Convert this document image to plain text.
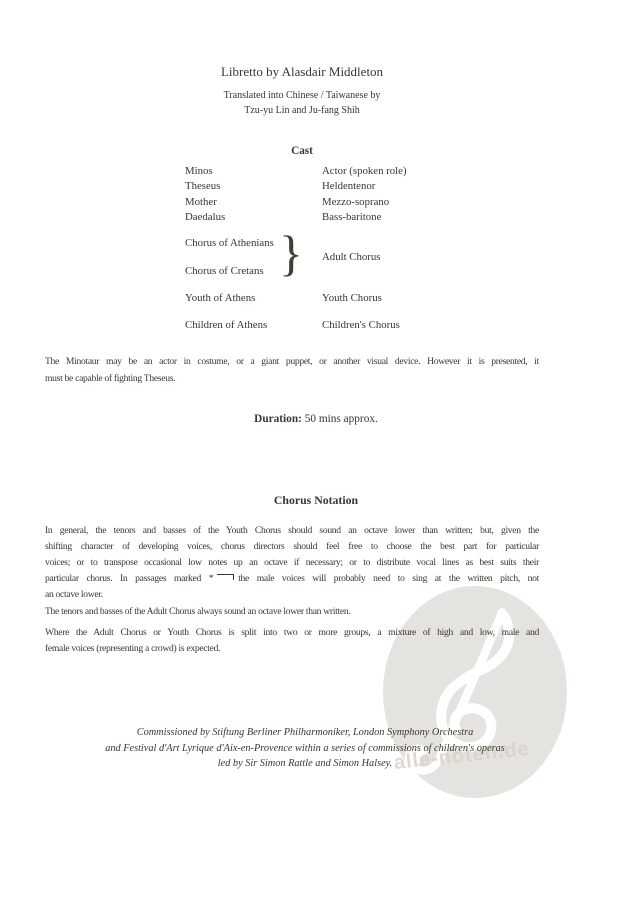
alle-noten.de
Libretto by Alasdair Middleton
Translated into Chinese / Taiwanese by
Tzu-yu Lin and Ju-fang Shih
Cast
Minos	Actor (spoken role)
Theseus	Heldentenor
Mother	Mezzo-soprano
Daedalus	Bass-baritone
Chorus of Athenians
Chorus of Cretans } Adult Chorus
Youth of Athens	Youth Chorus
Children of Athens	Children's Chorus
The Minotaur may be an actor in costume, or a giant puppet, or another visual device. However it is presented, it
must be capable of fighting Theseus.
Duration: 50 mins approx.
Chorus Notation
In general, the tenors and basses of the Youth Chorus should sound an octave lower than written; but, given the
shifting character of developing voices, chorus directors should feel free to choose the best part for particular
voices; or to transpose occasional low notes up an octave if necessary; or to distribute vocal lines as best suits their
particular chorus. In passages marked *	the male voices will probably need to sing at the written pitch, not
an octave lower.
The tenors and basses of the Adult Chorus always sound an octave lower than written.
Where the Adult Chorus or Youth Chorus is split into two or more groups, a mixture of high and low, male and
female voices (representing a crowd) is expected.
Commissioned by Stiftung Berliner Philharmoniker, London Symphony Orchestra
and Festival d'Art Lyrique d'Aix-en-Provence within a series of commissions of children's operas
led by Sir Simon Rattle and Simon Halsey.
